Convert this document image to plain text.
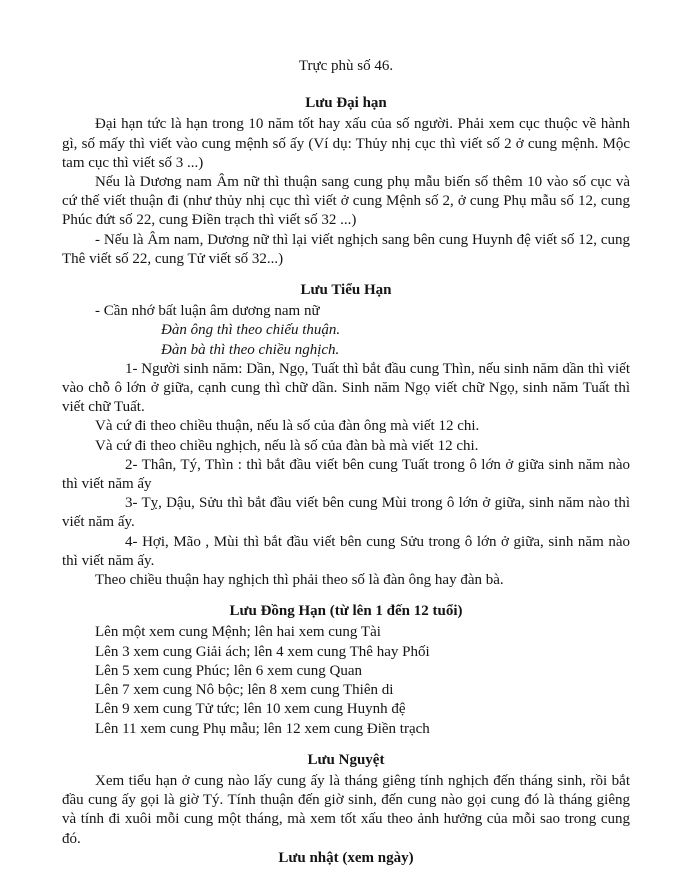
Trực phù số 46.

Lưu Đại hạn

Đại hạn tức là hạn trong 10 năm tốt hay xấu của số người. Phải xem cục thuộc về hành gì, số mấy thì viết vào cung mệnh số ấy (Ví dụ: Thủy nhị cục thì viết số 2 ở cung mệnh. Mộc tam cục thì viết số 3 ...)

Nếu là Dương nam Âm nữ thì thuận sang cung phụ mẫu biến số thêm 10 vào số cục và cứ thế viết thuận đi (như thủy nhị cục thì viết ở cung Mệnh số 2, ở cung Phụ mẫu số 12, cung Phúc đứt số 22, cung Điền trạch thì viết số 32 ...)

- Nếu là Âm nam, Dương nữ thì lại viết nghịch sang bên cung Huynh đệ viết số 12, cung Thê viết số 22, cung Tử viết số 32...)

Lưu Tiểu Hạn

- Cần nhớ bất luận âm dương nam nữ

Đàn ông thì theo chiếu thuận.

Đàn bà thì theo chiều nghịch.

1- Người sinh năm: Dần, Ngọ, Tuất thì bắt đầu cung Thìn, nếu sinh năm dần thì viết vào chỗ ô lớn ở giữa, cạnh cung thì chữ dần. Sinh năm Ngọ viết chữ Ngọ, sinh năm Tuất thì viết chữ Tuất.

Và cứ đi theo chiều thuận, nếu là số của đàn ông mà viết 12 chi.

Và cứ đi theo chiều nghịch, nếu là số của đàn bà mà viết 12 chi.

2- Thân, Tý, Thìn : thì bắt đầu viết bên cung Tuất trong ô lớn ở giữa sinh năm nào thì viết năm ấy

3- Tỵ, Dậu, Sửu thì bắt đầu viết bên cung Mùi trong ô lớn ở giữa, sinh năm nào thì viết năm ấy.

4- Hợi, Mão , Mùi thì bắt đầu viết bên cung Sửu trong ô lớn ở giữa, sinh năm nào thì viết năm ấy.

Theo chiều thuận hay nghịch thì phải theo số là đàn ông hay đàn bà.

Lưu Đồng Hạn (từ lên 1 đến 12 tuổi)

Lên một xem cung Mệnh; lên hai xem cung Tài

Lên 3 xem cung Giải ách; lên 4 xem cung Thê hay Phối

Lên 5 xem cung Phúc; lên 6 xem cung Quan

Lên 7 xem cung Nô bộc; lên 8 xem cung Thiên di

Lên 9 xem cung Tử tức; lên 10 xem cung Huynh đệ

Lên 11 xem cung Phụ mẫu; lên 12 xem cung Điền trạch

Lưu Nguyệt

Xem tiểu hạn ở cung nào lấy cung ấy là tháng giêng tính nghịch đến tháng sinh, rồi bắt đầu cung ấy gọi là giờ Tý. Tính thuận đến giờ sinh, đến cung nào gọi cung đó là tháng giêng và tính đi xuôi mỗi cung một tháng, mà xem tốt xấu theo ảnh hưởng của mỗi sao trong cung đó.

Lưu nhật (xem ngày)
